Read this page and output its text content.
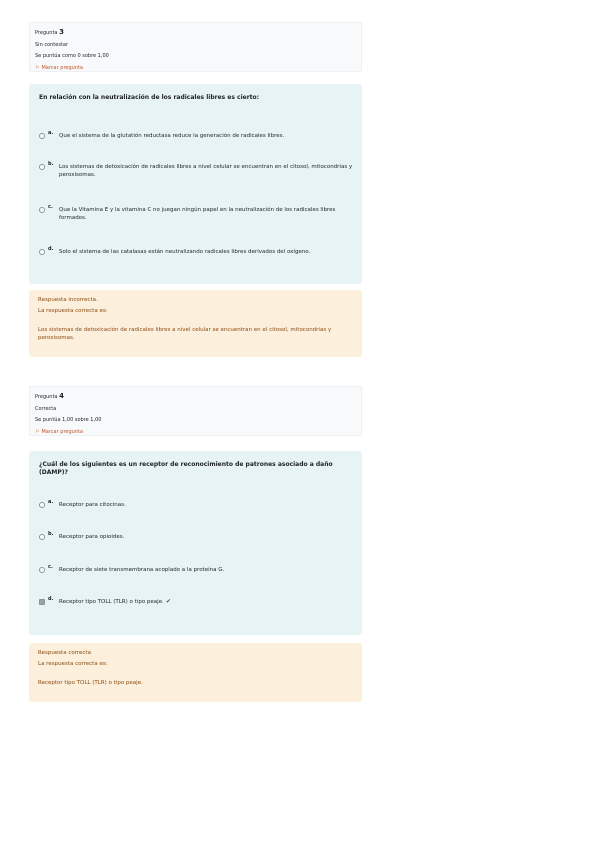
Pregunta 3
Sin contestar
Se puntúa como 0 sobre 1,00
⚐ Marcar pregunta
En relación con la neutralización de los radicales libres es cierto:
a.	Que el sistema de la glutatión reductasa reduce la generación de radicales libres.
b.	Los sistemas de detoxicación de radicales libres a nivel celular se encuentran en el citosol, mitocondrias y peroxisomas.
c.	Que la Vitamina E y la vitamina C no juegan ningún papel en la neutralización de los radicales libres formados.
d.	Solo el sistema de las catalasas están neutralizando radicales libres derivados del oxígeno.

Respuesta incorrecta.

La respuesta correcta es:

Los sistemas de detoxicación de radicales libres a nivel celular se encuentran en el citosol, mitocondrias y peroxisomas.

Pregunta 4
Correcta
Se puntúa 1,00 sobre 1,00
⚐ Marcar pregunta
¿Cuál de los siguientes es un receptor de reconocimiento de patrones asociado a daño (DAMP)?
a.	Receptor para citocinas.
b.	Receptor para opioides.
c.	Receptor de siete transmembrana acoplado a la proteína G.
d.	Receptor tipo TOLL (TLR) o tipo peaje. ✔

Respuesta correcta

La respuesta correcta es:

Receptor tipo TOLL (TLR) o tipo peaje.
